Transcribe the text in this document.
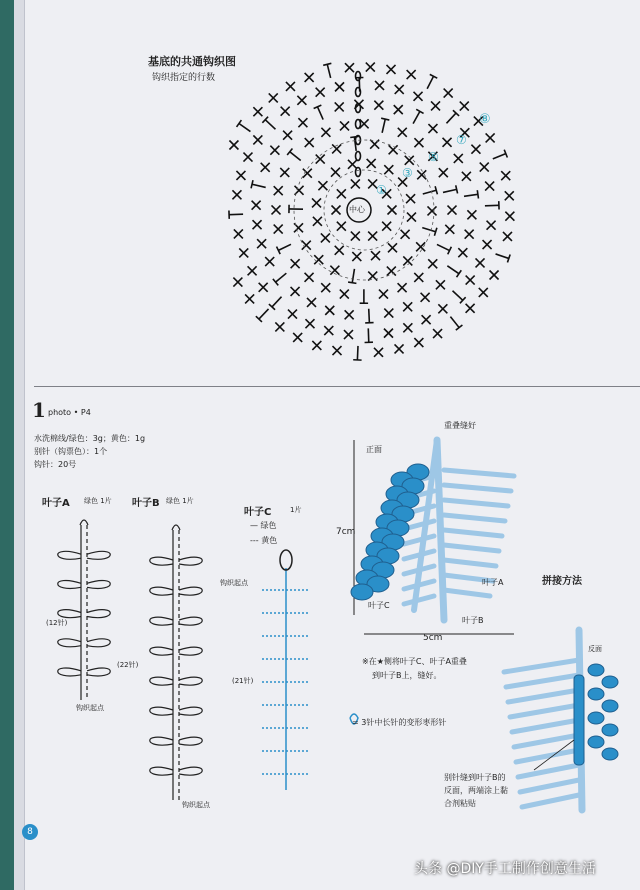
基底的共通钩织图
钩织指定的行数
中心
①
③
⑤
⑦
⑧
1 photo • P4
水洗棉线/绿色：3g；黄色：1g
别针（钩票色）：1个
钩针：20号
叶子A 绿色 1片 叶子B 绿色 1片
叶子C	1片
— 绿色
--- 黄色
(12针)
钩织起点
(22针)
钩织起点
(21针)
钩织起点
正面
重叠缝好
7cm
5cm
叶子A
叶子B
叶子C
※在★侧将叶子C、叶子A重叠
到叶子B上，缝好。
= 3针中长针的变形枣形针
拼接方法
反面
别针缝到叶子B的
反面，两端涂上黏
合剂粘贴
8
头条 @DIY手工制作创意生活
